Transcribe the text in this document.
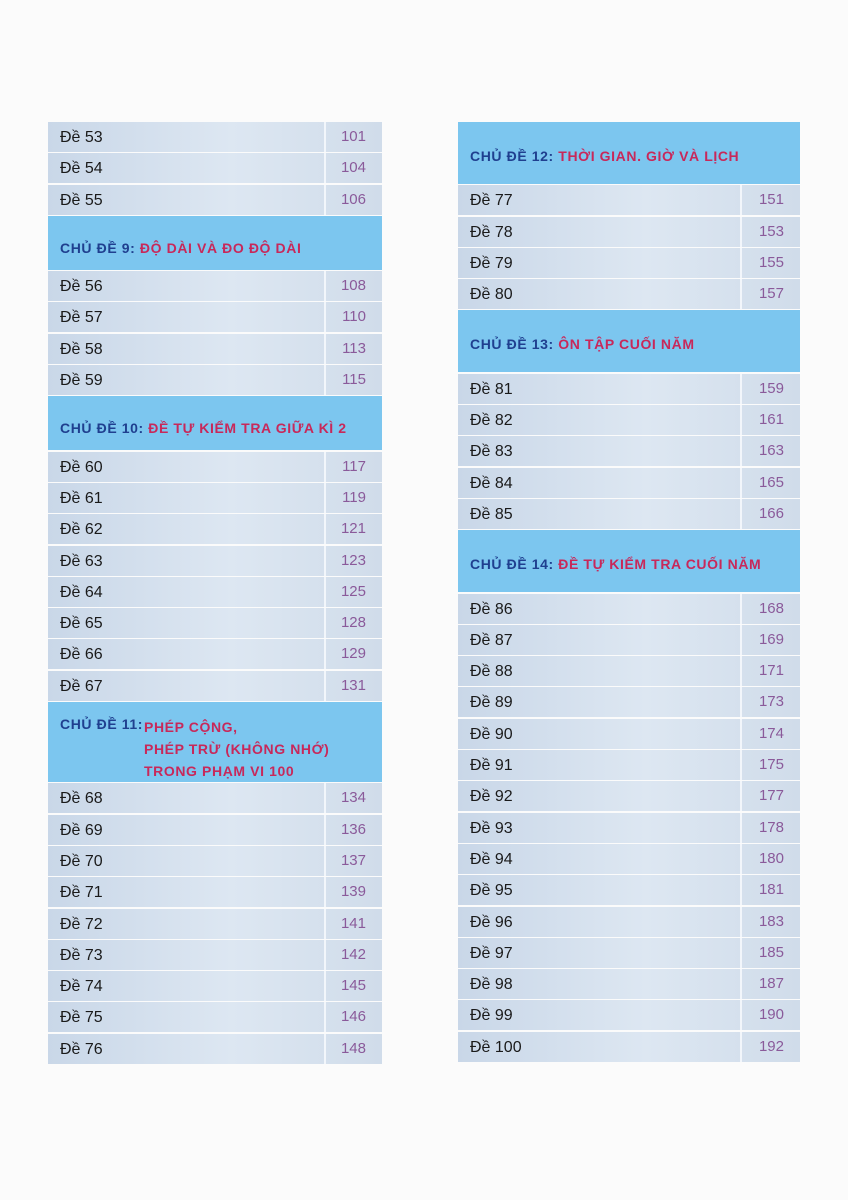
Đề 53	101
Đề 54	104
Đề 55	106
CHỦ ĐỀ 9: ĐỘ DÀI VÀ ĐO ĐỘ DÀI
Đề 56	108
Đề 57	110
Đề 58	113
Đề 59	115
CHỦ ĐỀ 10: ĐỀ TỰ KIỂM TRA GIỮA KÌ 2
Đề 60	117
Đề 61	119
Đề 62	121
Đề 63	123
Đề 64	125
Đề 65	128
Đề 66	129
Đề 67	131
CHỦ ĐỀ 11: PHÉP CỘNG,
PHÉP TRỪ (KHÔNG NHỚ)
TRONG PHẠM VI 100
Đề 68	134
Đề 69	136
Đề 70	137
Đề 71	139
Đề 72	141
Đề 73	142
Đề 74	145
Đề 75	146
Đề 76	148
CHỦ ĐỀ 12: THỜI GIAN. GIỜ VÀ LỊCH
Đề 77	151
Đề 78	153
Đề 79	155
Đề 80	157
CHỦ ĐỀ 13: ÔN TẬP CUỐI NĂM
Đề 81	159
Đề 82	161
Đề 83	163
Đề 84	165
Đề 85	166
CHỦ ĐỀ 14: ĐỀ TỰ KIỂM TRA CUỐI NĂM
Đề 86	168
Đề 87	169
Đề 88	171
Đề 89	173
Đề 90	174
Đề 91	175
Đề 92	177
Đề 93	178
Đề 94	180
Đề 95	181
Đề 96	183
Đề 97	185
Đề 98	187
Đề 99	190
Đề 100	192
